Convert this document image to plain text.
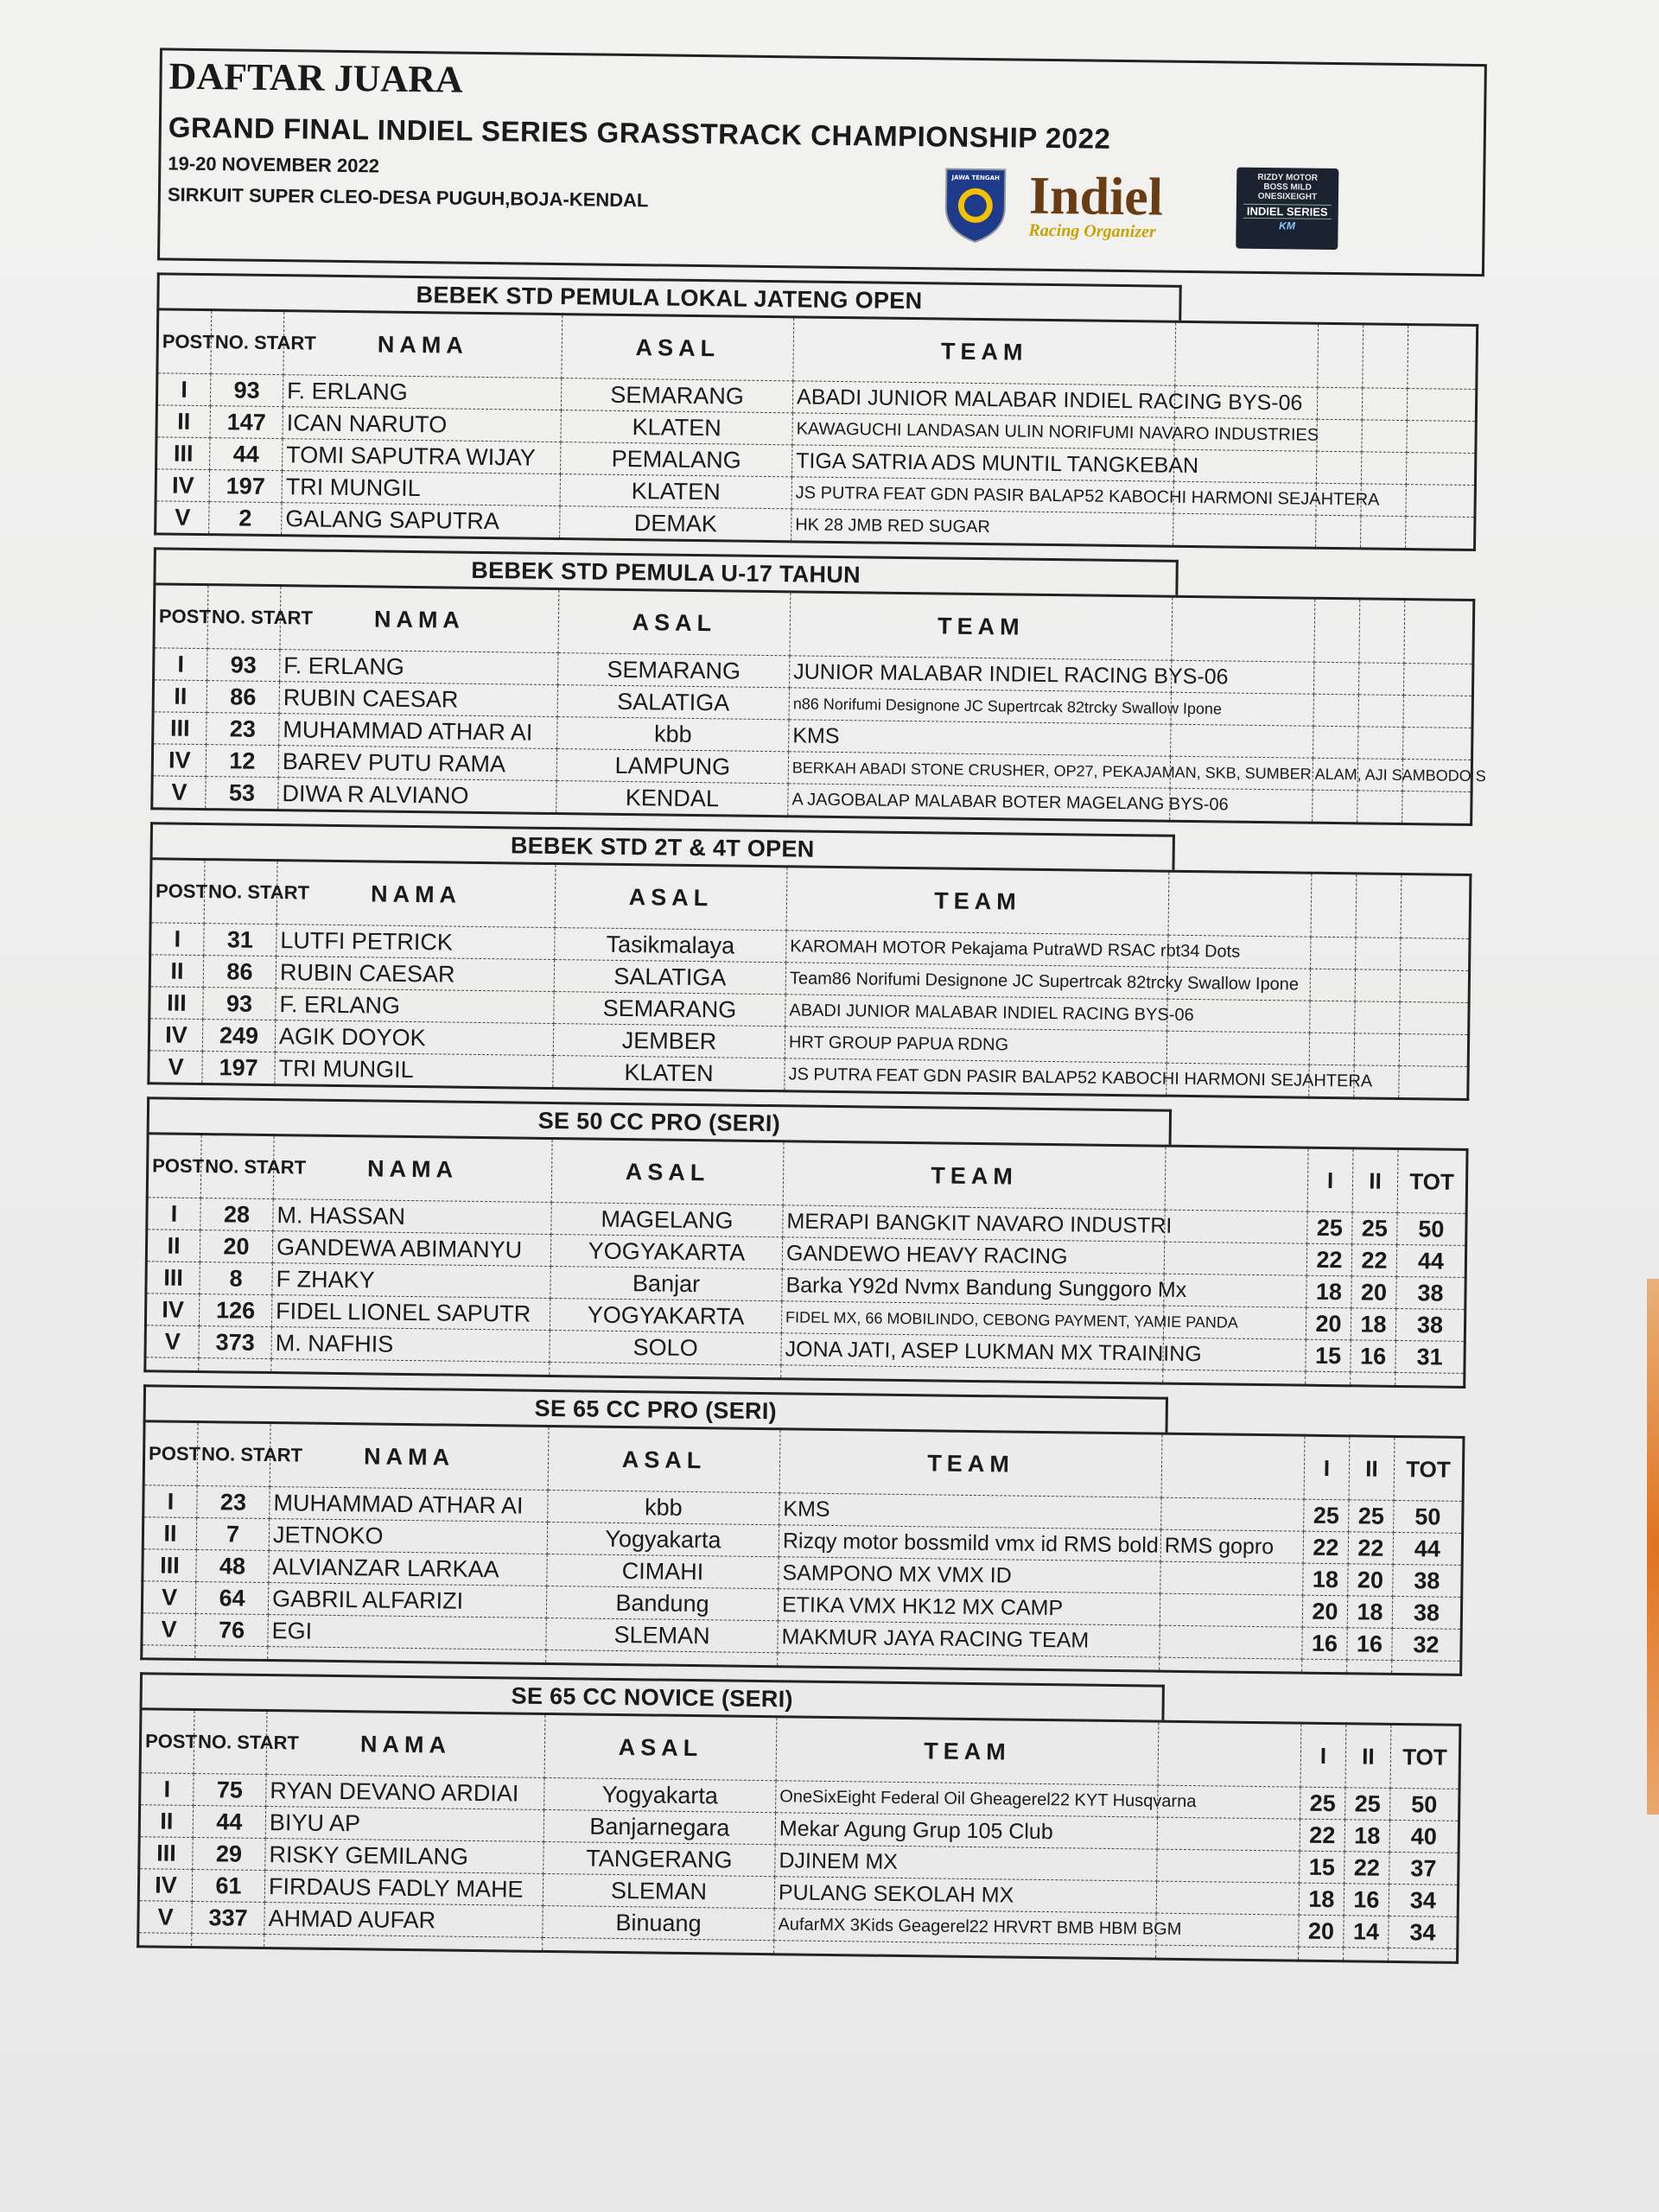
DAFTAR JUARA
GRAND FINAL INDIEL SERIES GRASSTRACK CHAMPIONSHIP 2022
19-20 NOVEMBER 2022
SIRKUIT SUPER CLEO-DESA PUGUH,BOJA-KENDAL
JAWA TENGAH Indiel
Racing Organizer
RIZDY MOTOR
BOSS MILD
ONESIXEIGHT
INDIEL SERIES
KM
BEBEK STD PEMULA LOKAL JATENG OPEN
POST	NO. START	NAMA	ASAL	TEAM				
I	93	F. ERLANG	SEMARANG	ABADI JUNIOR MALABAR INDIEL RACING BYS-06				
II	147	ICAN NARUTO	KLATEN	KAWAGUCHI LANDASAN ULIN NORIFUMI NAVARO INDUSTRIES				
III	44	TOMI SAPUTRA WIJAY	PEMALANG	TIGA SATRIA ADS MUNTIL TANGKEBAN				
IV	197	TRI MUNGIL	KLATEN	JS PUTRA FEAT GDN PASIR BALAP52 KABOCHI HARMONI SEJAHTERA				
V	2	GALANG SAPUTRA	DEMAK	HK 28 JMB RED SUGAR				
BEBEK STD PEMULA U-17 TAHUN
POST	NO. START	NAMA	ASAL	TEAM				
I	93	F. ERLANG	SEMARANG	JUNIOR MALABAR INDIEL RACING BYS-06				
II	86	RUBIN CAESAR	SALATIGA	n86 Norifumi Designone JC Supertrcak 82trcky Swallow Ipone				
III	23	MUHAMMAD ATHAR AI	kbb	KMS				
IV	12	BAREV PUTU RAMA	LAMPUNG	BERKAH ABADI STONE CRUSHER, OP27, PEKAJAMAN, SKB, SUMBER ALAM, AJI SAMBODO S				
V	53	DIWA R ALVIANO	KENDAL	A JAGOBALAP MALABAR BOTER MAGELANG BYS-06				
BEBEK STD 2T & 4T OPEN
POST	NO. START	NAMA	ASAL	TEAM				
I	31	LUTFI PETRICK	Tasikmalaya	KAROMAH MOTOR Pekajama PutraWD RSAC rbt34 Dots				
II	86	RUBIN CAESAR	SALATIGA	Team86 Norifumi Designone JC Supertrcak 82trcky Swallow Ipone				
III	93	F. ERLANG	SEMARANG	ABADI JUNIOR MALABAR INDIEL RACING BYS-06				
IV	249	AGIK DOYOK	JEMBER	HRT GROUP PAPUA RDNG				
V	197	TRI MUNGIL	KLATEN	JS PUTRA FEAT GDN PASIR BALAP52 KABOCHI HARMONI SEJAHTERA				
SE 50 CC PRO (SERI)
POST	NO. START	NAMA	ASAL	TEAM		I	II	TOT
I	28	M. HASSAN	MAGELANG	MERAPI BANGKIT NAVARO INDUSTRI		25	25	50
II	20	GANDEWA ABIMANYU	YOGYAKARTA	GANDEWO HEAVY RACING		22	22	44
III	8	F ZHAKY	Banjar	Barka Y92d Nvmx Bandung Sunggoro Mx		18	20	38
IV	126	FIDEL LIONEL SAPUTR	YOGYAKARTA	FIDEL MX, 66 MOBILINDO, CEBONG PAYMENT, YAMIE PANDA		20	18	38
V	373	M. NAFHIS	SOLO	JONA JATI, ASEP LUKMAN MX TRAINING		15	16	31

SE 65 CC PRO (SERI)
POST	NO. START	NAMA	ASAL	TEAM		I	II	TOT
I	23	MUHAMMAD ATHAR AI	kbb	KMS		25	25	50
II	7	JETNOKO	Yogyakarta	Rizqy motor bossmild vmx id RMS bold RMS gopro		22	22	44
III	48	ALVIANZAR LARKAA	CIMAHI	SAMPONO MX VMX ID		18	20	38
V	64	GABRIL ALFARIZI	Bandung	ETIKA VMX HK12 MX CAMP		20	18	38
V	76	EGI	SLEMAN	MAKMUR JAYA RACING TEAM		16	16	32

SE 65 CC NOVICE (SERI)
POST	NO. START	NAMA	ASAL	TEAM		I	II	TOT
I	75	RYAN DEVANO ARDIAI	Yogyakarta	OneSixEight Federal Oil Gheagerel22 KYT Husqvarna		25	25	50
II	44	BIYU AP	Banjarnegara	Mekar Agung Grup 105 Club		22	18	40
III	29	RISKY GEMILANG	TANGERANG	DJINEM MX		15	22	37
IV	61	FIRDAUS FADLY MAHE	SLEMAN	PULANG SEKOLAH MX		18	16	34
V	337	AHMAD AUFAR	Binuang	AufarMX 3Kids Geagerel22 HRVRT BMB HBM BGM		20	14	34
